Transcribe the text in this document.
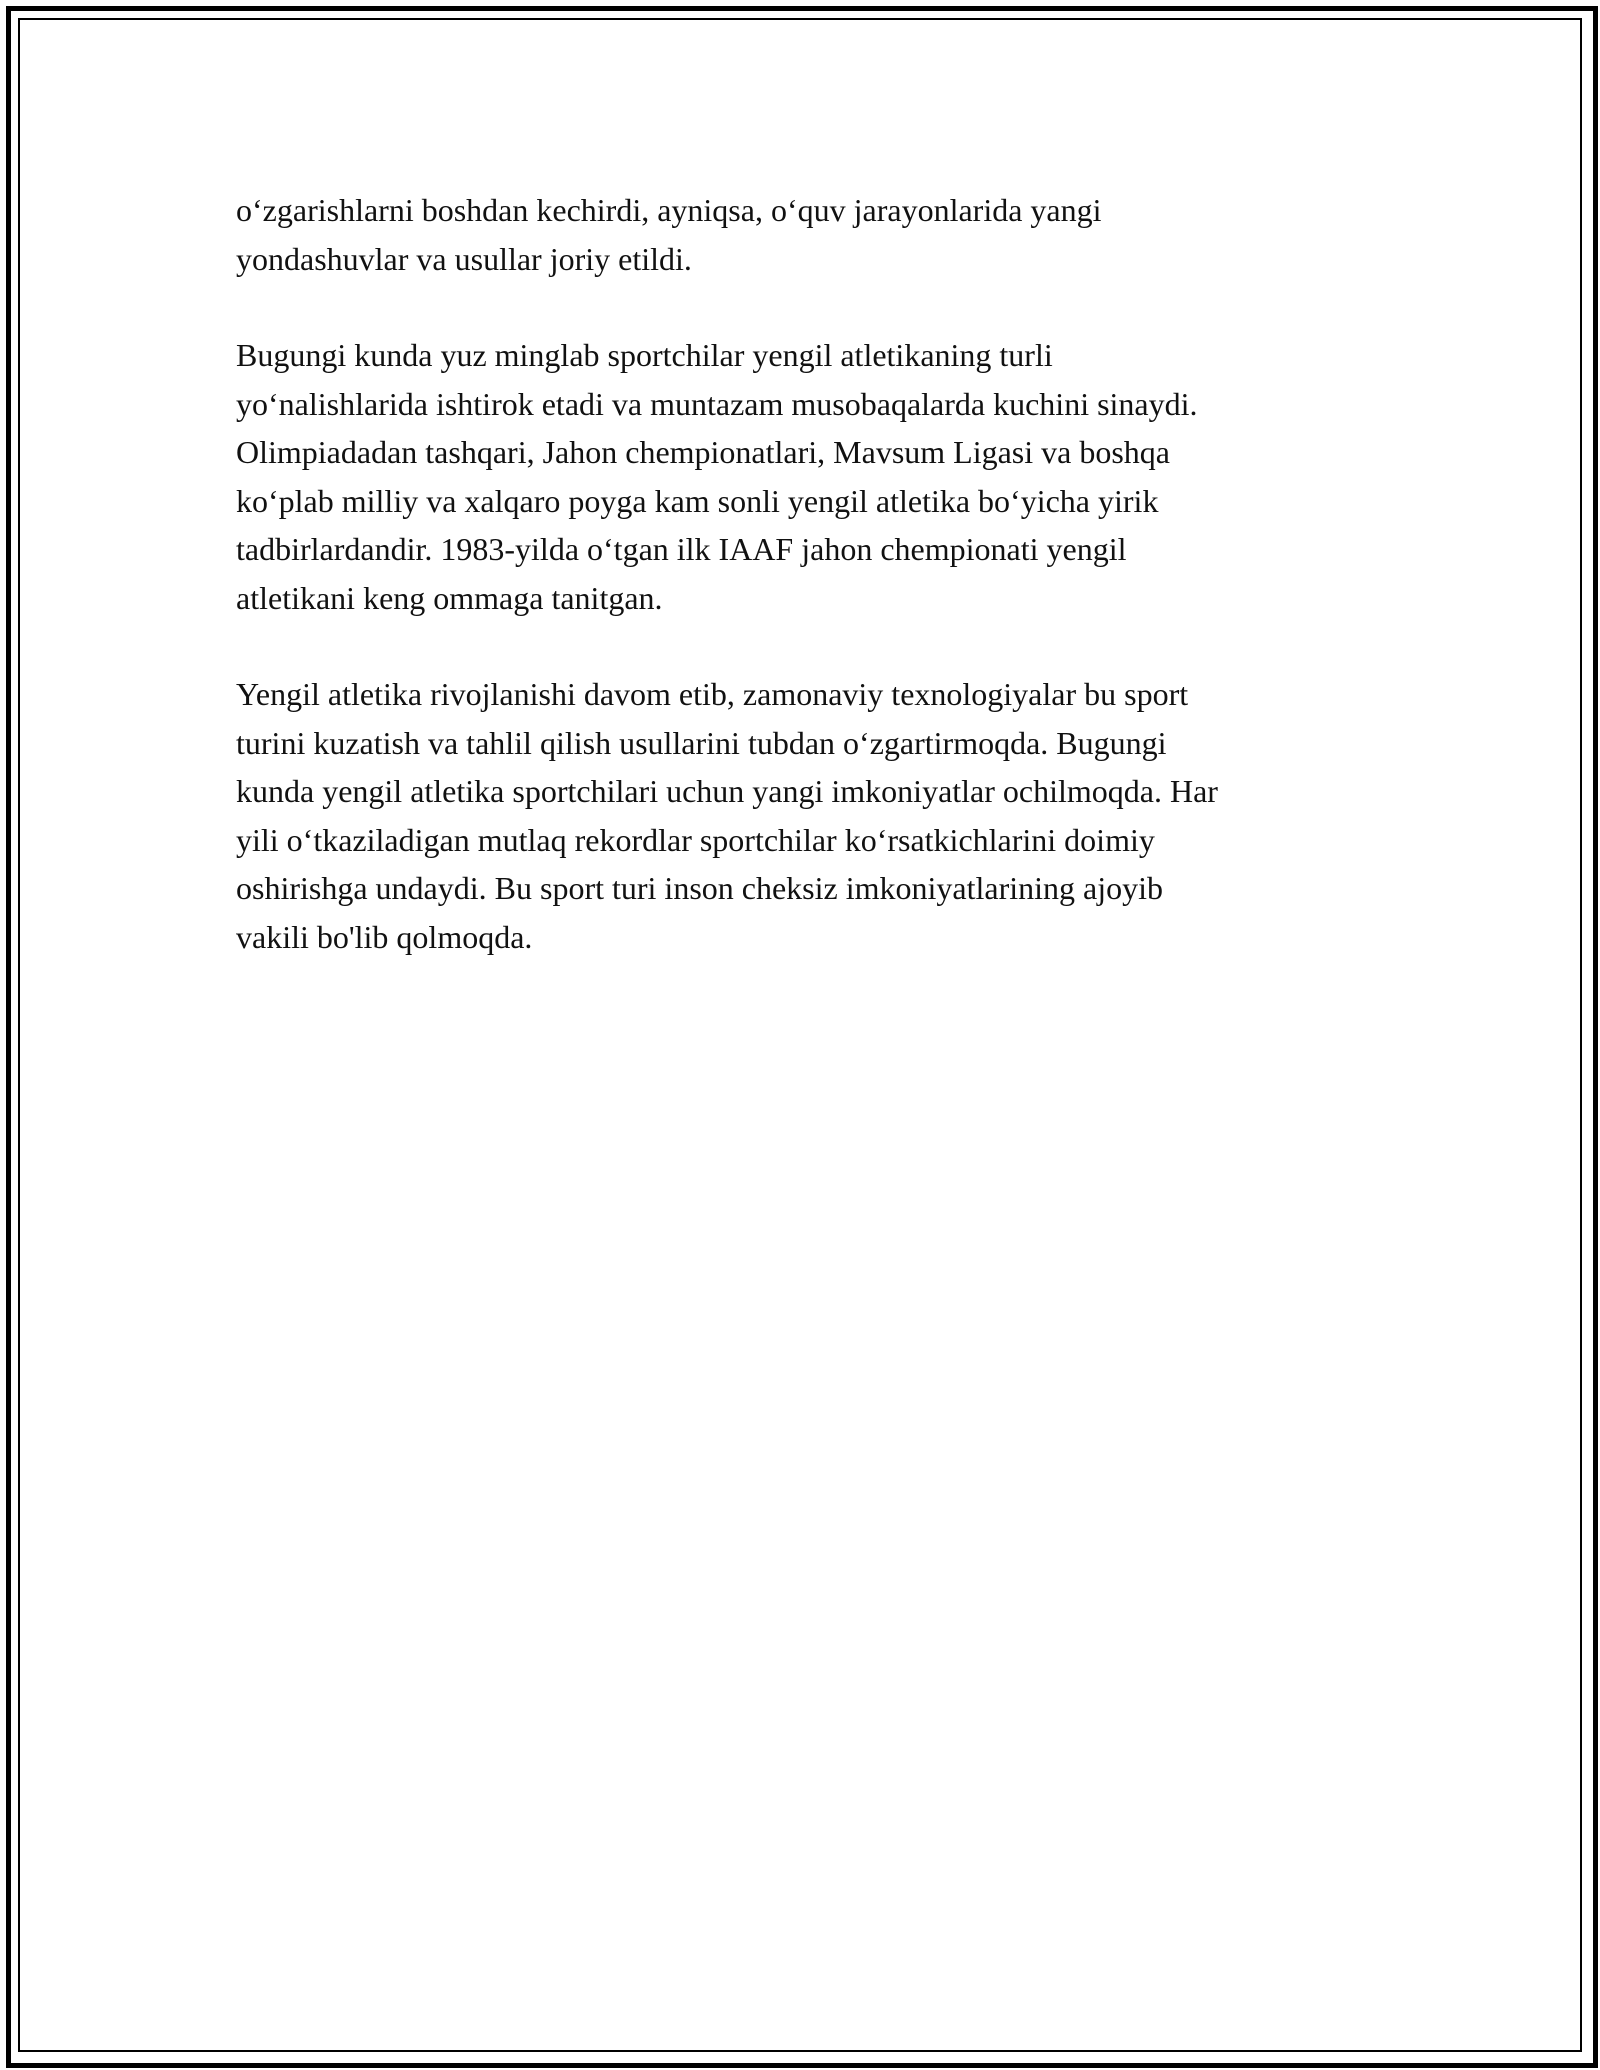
o‘zgarishlarni boshdan kechirdi, ayniqsa, o‘quv jarayonlarida yangi
yondashuvlar va usullar joriy etildi.

Bugungi kunda yuz minglab sportchilar yengil atletikaning turli
yo‘nalishlarida ishtirok etadi va muntazam musobaqalarda kuchini sinaydi.
Olimpiadadan tashqari, Jahon chempionatlari, Mavsum Ligasi va boshqa
ko‘plab milliy va xalqaro poyga kam sonli yengil atletika bo‘yicha yirik
tadbirlardandir. 1983-yilda o‘tgan ilk IAAF jahon chempionati yengil
atletikani keng ommaga tanitgan.

Yengil atletika rivojlanishi davom etib, zamonaviy texnologiyalar bu sport
turini kuzatish va tahlil qilish usullarini tubdan o‘zgartirmoqda. Bugungi
kunda yengil atletika sportchilari uchun yangi imkoniyatlar ochilmoqda. Har
yili o‘tkaziladigan mutlaq rekordlar sportchilar ko‘rsatkichlarini doimiy
oshirishga undaydi. Bu sport turi inson cheksiz imkoniyatlarining ajoyib
vakili bo'lib qolmoqda.
